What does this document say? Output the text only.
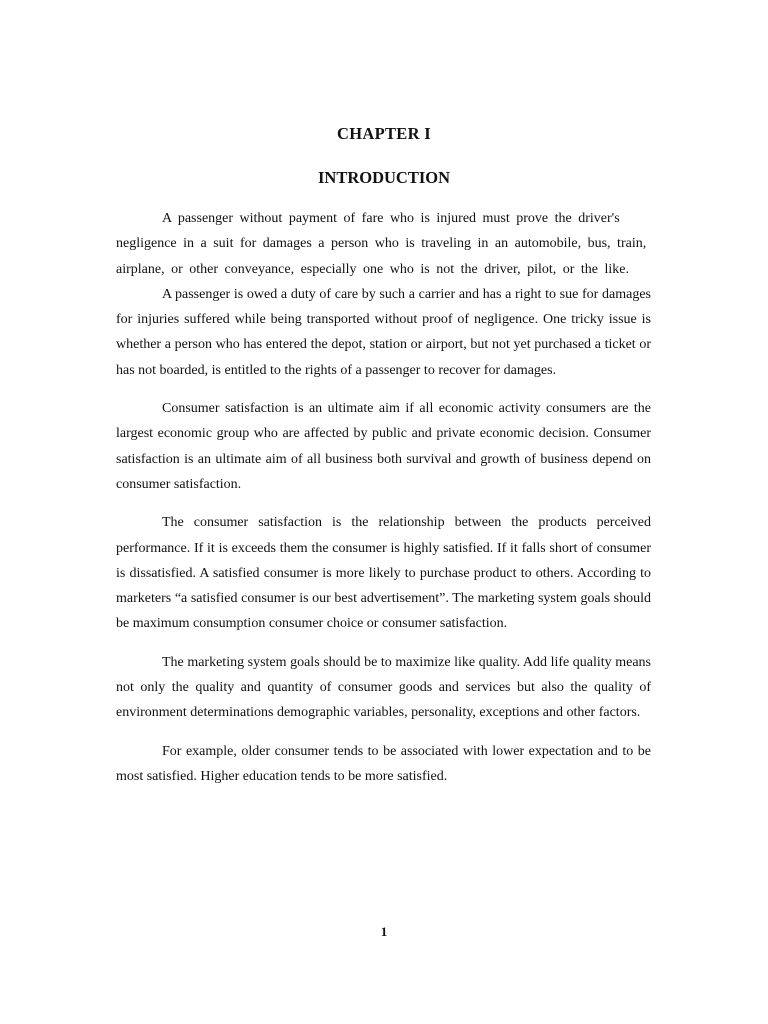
CHAPTER I
INTRODUCTION

A passenger without payment of fare who is injured must prove the driver's negligence in a suit for damages a person who is traveling in an automobile, bus, train, airplane, or other conveyance, especially one who is not the driver, pilot, or the like.

A passenger is owed a duty of care by such a carrier and has a right to sue for damages for injuries suffered while being transported without proof of negligence. One tricky issue is whether a person who has entered the depot, station or airport, but not yet purchased a ticket or has not boarded, is entitled to the rights of a passenger to recover for damages.

Consumer satisfaction is an ultimate aim if all economic activity consumers are the largest economic group who are affected by public and private economic decision. Consumer satisfaction is an ultimate aim of all business both survival and growth of business depend on consumer satisfaction.

The consumer satisfaction is the relationship between the products perceived performance. If it is exceeds them the consumer is highly satisfied. If it falls short of consumer is dissatisfied. A satisfied consumer is more likely to purchase product to others. According to marketers “a satisfied consumer is our best advertisement”. The marketing system goals should be maximum consumption consumer choice or consumer satisfaction.

The marketing system goals should be to maximize like quality. Add life quality means not only the quality and quantity of consumer goods and services but also the quality of environment determinations demographic variables, personality, exceptions and other factors.

For example, older consumer tends to be associated with lower expectation and to be most satisfied. Higher education tends to be more satisfied.

1
